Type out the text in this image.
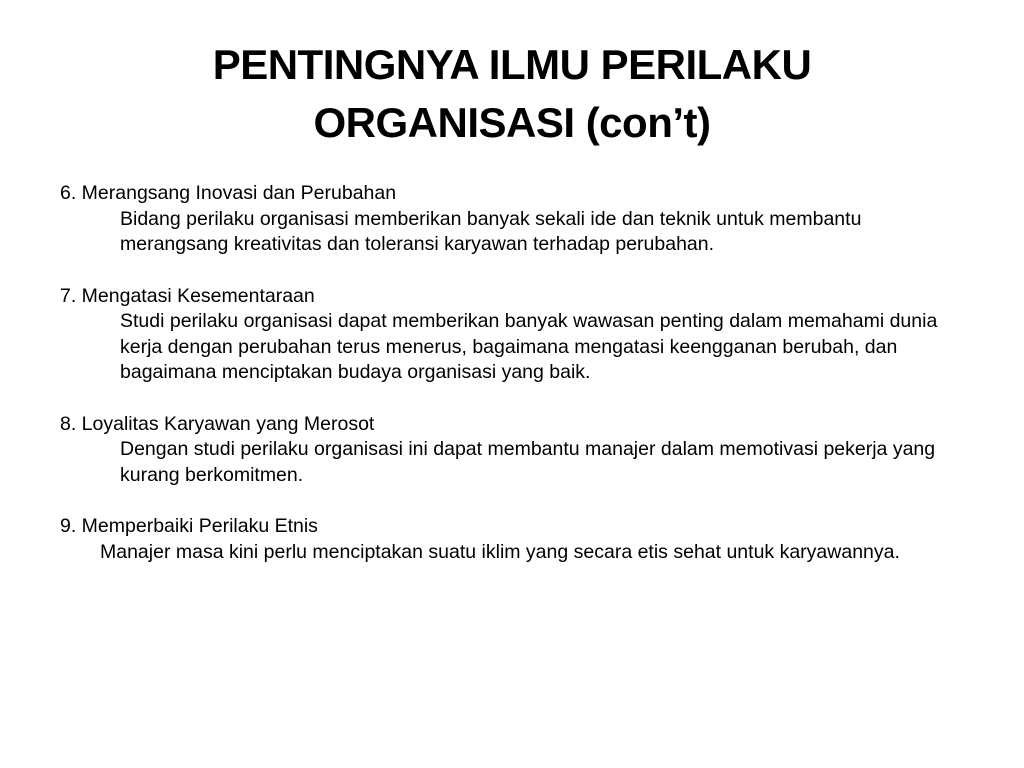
PENTINGNYA ILMU PERILAKU
ORGANISASI (con’t)
6. Merangsang Inovasi dan Perubahan
Bidang perilaku organisasi memberikan banyak sekali ide dan teknik untuk membantu merangsang kreativitas dan toleransi karyawan terhadap perubahan.
7. Mengatasi Kesementaraan
Studi perilaku organisasi dapat memberikan banyak wawasan penting dalam memahami dunia kerja dengan perubahan terus menerus, bagaimana mengatasi keengganan berubah, dan bagaimana menciptakan budaya organisasi yang baik.
8. Loyalitas Karyawan yang Merosot
Dengan studi perilaku organisasi ini dapat membantu manajer dalam memotivasi pekerja yang kurang berkomitmen.
9. Memperbaiki Perilaku Etnis
Manajer masa kini perlu menciptakan suatu iklim yang secara etis sehat untuk karyawannya.
